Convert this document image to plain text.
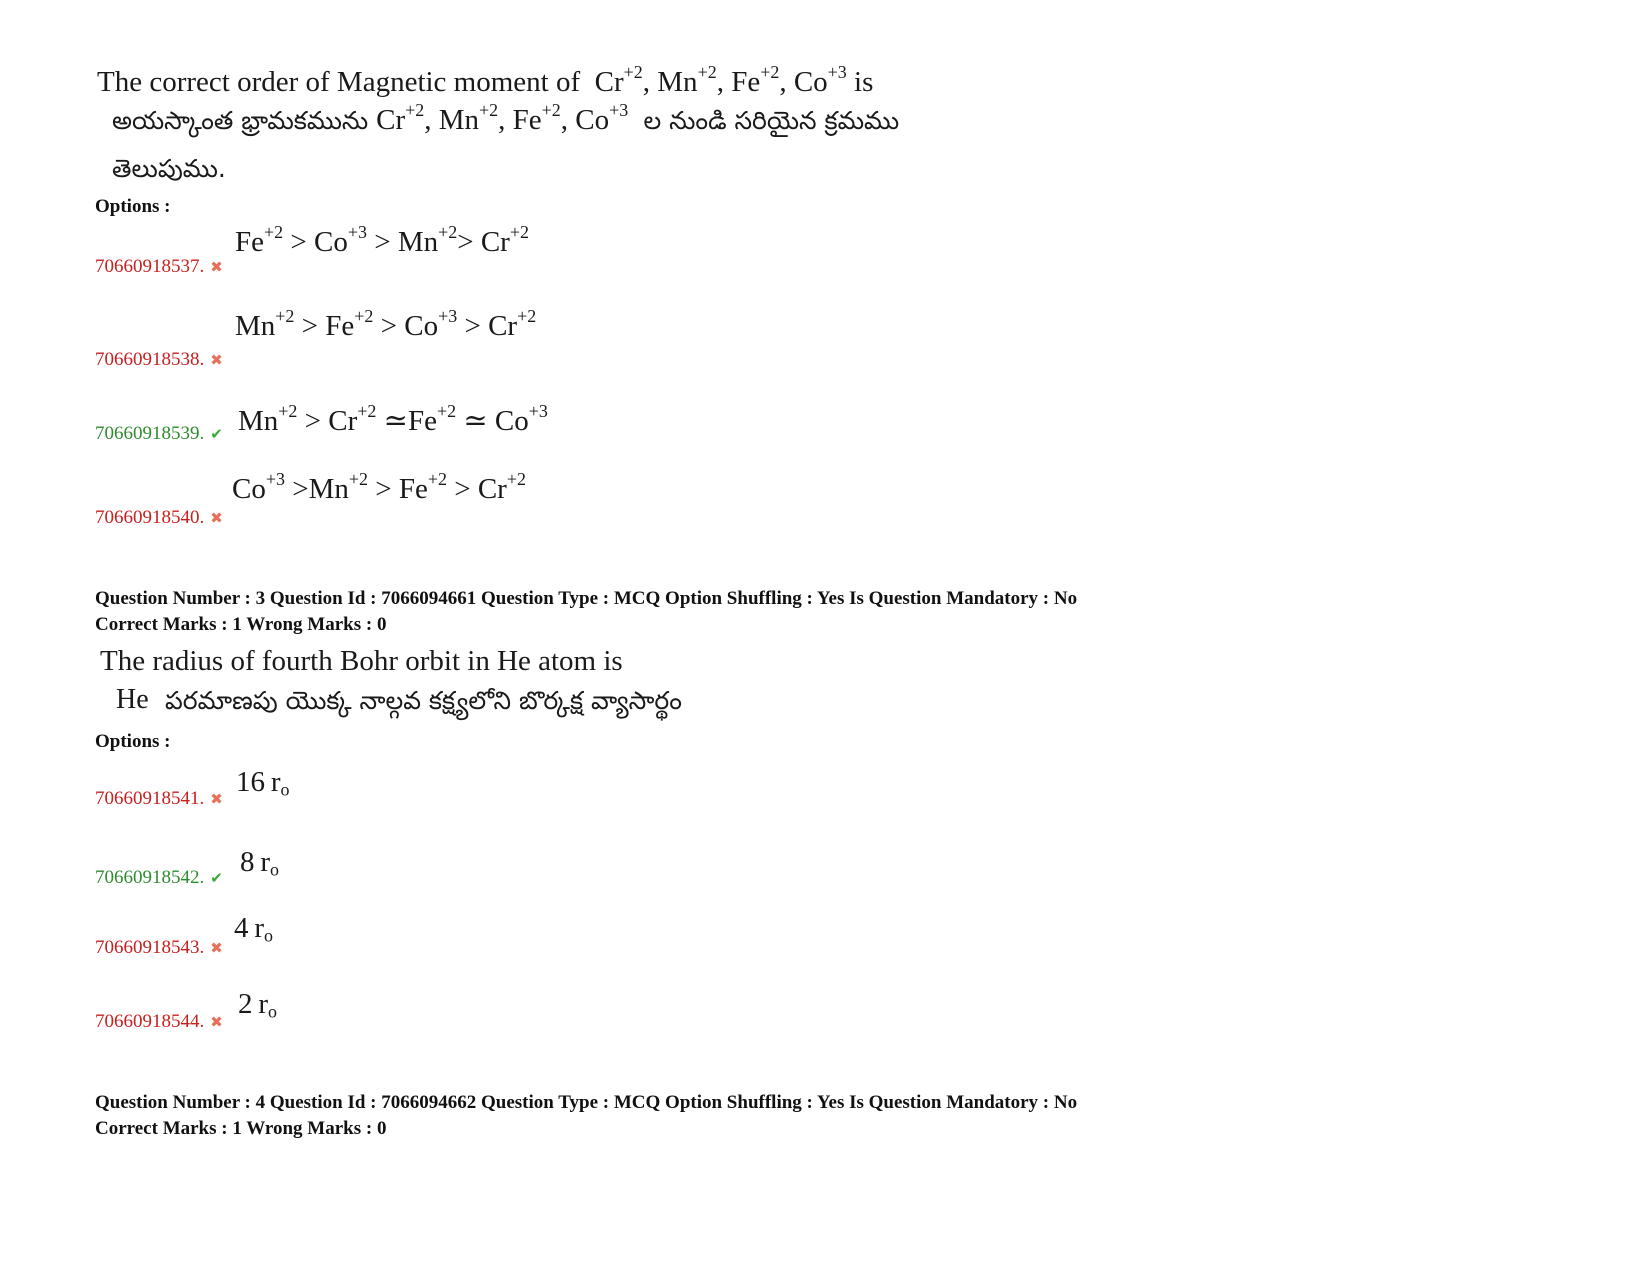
The correct order of Magnetic moment of $Cr^{+2}$, $Mn^{+2}$, $Fe^{+2}$, $Co^{+3}$ is
అయస్కాంత భ్రామకమును $Cr^{+2}$, $Mn^{+2}$, $Fe^{+2}$, $Co^{+3}$ ల నుండి సరియైన క్రమము
తెలుపుము.
Options :
70660918537. ✖
$Fe^{+2} > Co^{+3} > Mn^{+2}> Cr^{+2}$
70660918538. ✖
$Mn^{+2} > Fe^{+2} > Co^{+3} > Cr^{+2}$
70660918539. ✔ $Mn^{+2} > Cr^{+2}$ $≃Fe^{+2}$ ≃ $Co^{+3}$
70660918540. ✖
$Co^{+3} >Mn^{+2} > Fe^{+2} > Cr^{+2}$
Question Number : 3 Question Id : 7066094661 Question Type : MCQ Option Shuffling : Yes Is Question Mandatory : No
Correct Marks : 1 Wrong Marks : 0
The radius of fourth Bohr orbit in He atom is
He పరమాణపు యొక్క నాల్గవ కక్ష్యలోని బొర్కక్ష వ్యాసార్థం
Options :
70660918541. ✖
16  $r_o$
70660918542. ✔ 8  $r_o$
70660918543. ✖
4  $r_o$
70660918544. ✖
2  $r_o$
Question Number : 4 Question Id : 7066094662 Question Type : MCQ Option Shuffling : Yes Is Question Mandatory : No
Correct Marks : 1 Wrong Marks : 0
